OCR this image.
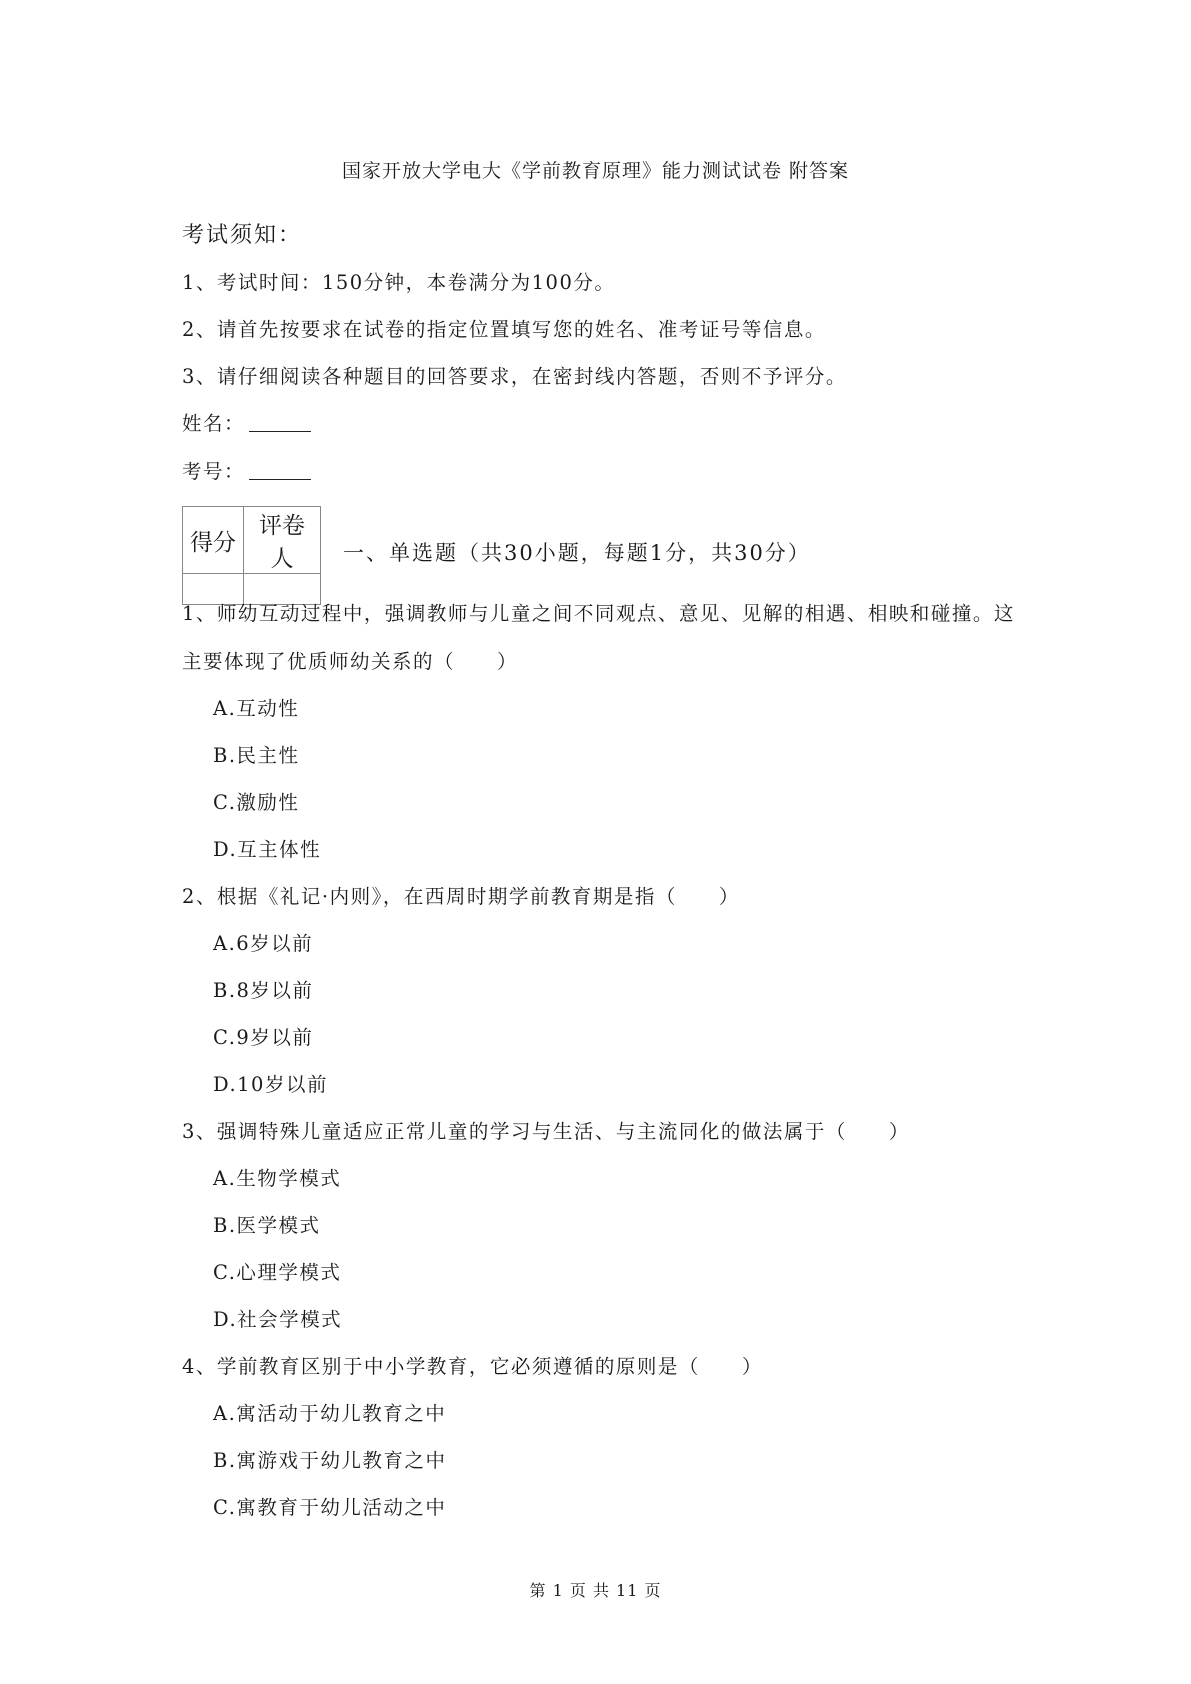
国家开放大学电大《学前教育原理》能力测试试卷 附答案
考试须知：
1、考试时间：150分钟，本卷满分为100分。
2、请首先按要求在试卷的指定位置填写您的姓名、准考证号等信息。
3、请仔细阅读各种题目的回答要求，在密封线内答题，否则不予评分。
姓名：
考号：
得分	评卷人
	一、单选题（共30小题，每题1分，共30分）
1、师幼互动过程中，强调教师与儿童之间不同观点、意见、见解的相遇、相映和碰撞。这
主要体现了优质师幼关系的（　　）
A.互动性
B.民主性
C.激励性
D.互主体性
2、根据《礼记·内则》，在西周时期学前教育期是指（　　）
A.6岁以前
B.8岁以前
C.9岁以前
D.10岁以前
3、强调特殊儿童适应正常儿童的学习与生活、与主流同化的做法属于（　　）
A.生物学模式
B.医学模式
C.心理学模式
D.社会学模式
4、学前教育区别于中小学教育，它必须遵循的原则是（　　）
A.寓活动于幼儿教育之中
B.寓游戏于幼儿教育之中
C.寓教育于幼儿活动之中
第 1 页 共 11 页
